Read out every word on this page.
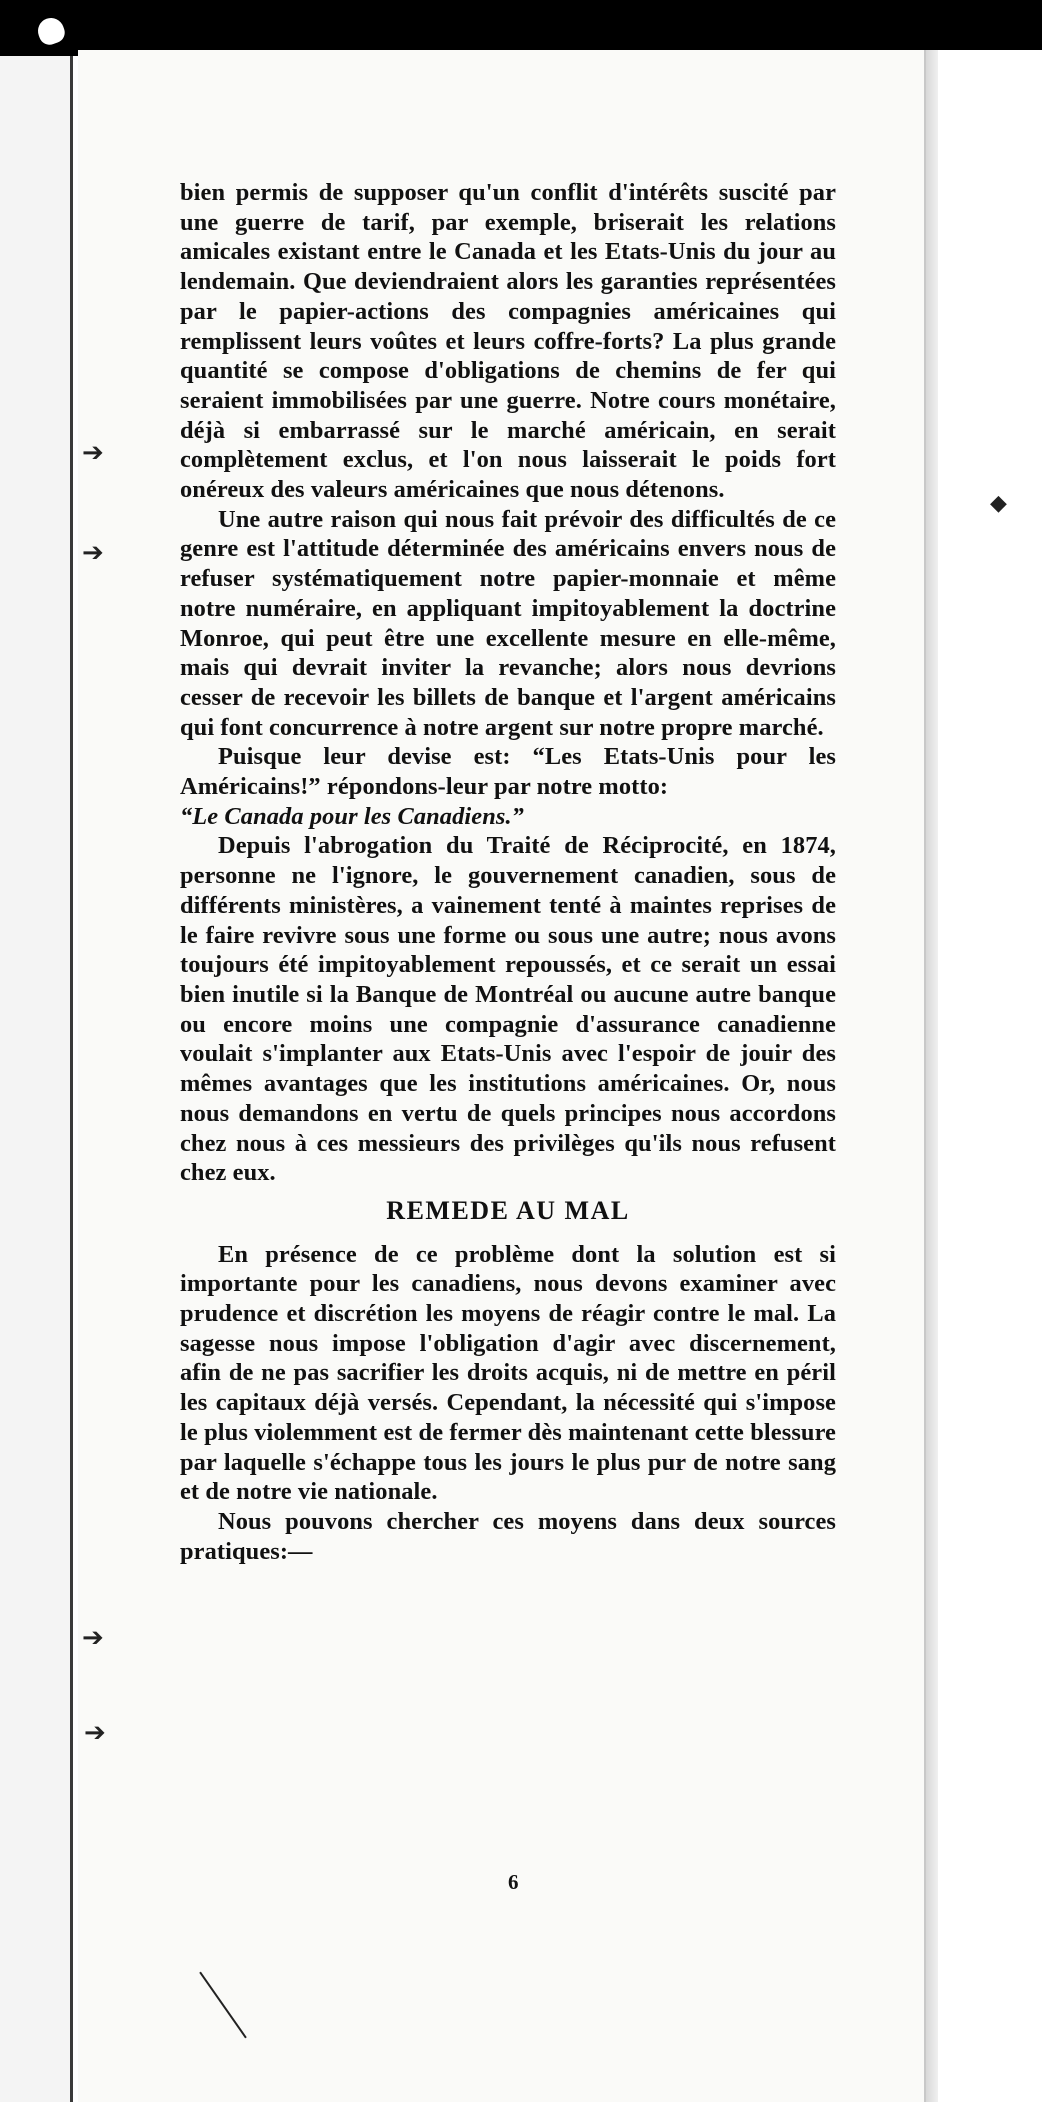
➔
➔
◆
➔
➔

bien permis de supposer qu'un conflit d'intérêts suscité par une guerre de tarif, par exemple, briserait les relations amicales existant entre le Canada et les Etats-Unis du jour au lendemain. Que deviendraient alors les garanties représentées par le papier-actions des compagnies américaines qui remplissent leurs voûtes et leurs coffre-forts? La plus grande quantité se compose d'obligations de chemins de fer qui seraient immobilisées par une guerre. Notre cours monétaire, déjà si embarrassé sur le marché américain, en serait complètement exclus, et l'on nous laisserait le poids fort onéreux des valeurs américaines que nous détenons.

Une autre raison qui nous fait prévoir des difficultés de ce genre est l'attitude déterminée des américains envers nous de refuser systématiquement notre papier-monnaie et même notre numéraire, en appliquant impitoyablement la doctrine Monroe, qui peut être une excellente mesure en elle-même, mais qui devrait inviter la revanche; alors nous devrions cesser de recevoir les billets de banque et l'argent américains qui font concurrence à notre argent sur notre propre marché.

Puisque leur devise est: “Les Etats-Unis pour les Américains!” répondons-leur par notre motto:

“Le Canada pour les Canadiens.”

Depuis l'abrogation du Traité de Réciprocité, en 1874, personne ne l'ignore, le gouvernement canadien, sous de différents ministères, a vainement tenté à maintes reprises de le faire revivre sous une forme ou sous une autre; nous avons toujours été impitoyablement repoussés, et ce serait un essai bien inutile si la Banque de Montréal ou aucune autre banque ou encore moins une compagnie d'assurance canadienne voulait s'implanter aux Etats-Unis avec l'espoir de jouir des mêmes avantages que les institutions américaines. Or, nous nous demandons en vertu de quels principes nous accordons chez nous à ces messieurs des privilèges qu'ils nous refusent chez eux.

REMEDE AU MAL

En présence de ce problème dont la solution est si importante pour les canadiens, nous devons examiner avec prudence et discrétion les moyens de réagir contre le mal. La sagesse nous impose l'obligation d'agir avec discernement, afin de ne pas sacrifier les droits acquis, ni de mettre en péril les capitaux déjà versés. Cependant, la nécessité qui s'impose le plus violemment est de fermer dès maintenant cette blessure par laquelle s'échappe tous les jours le plus pur de notre sang et de notre vie nationale.

Nous pouvons chercher ces moyens dans deux sources pratiques:—

6
